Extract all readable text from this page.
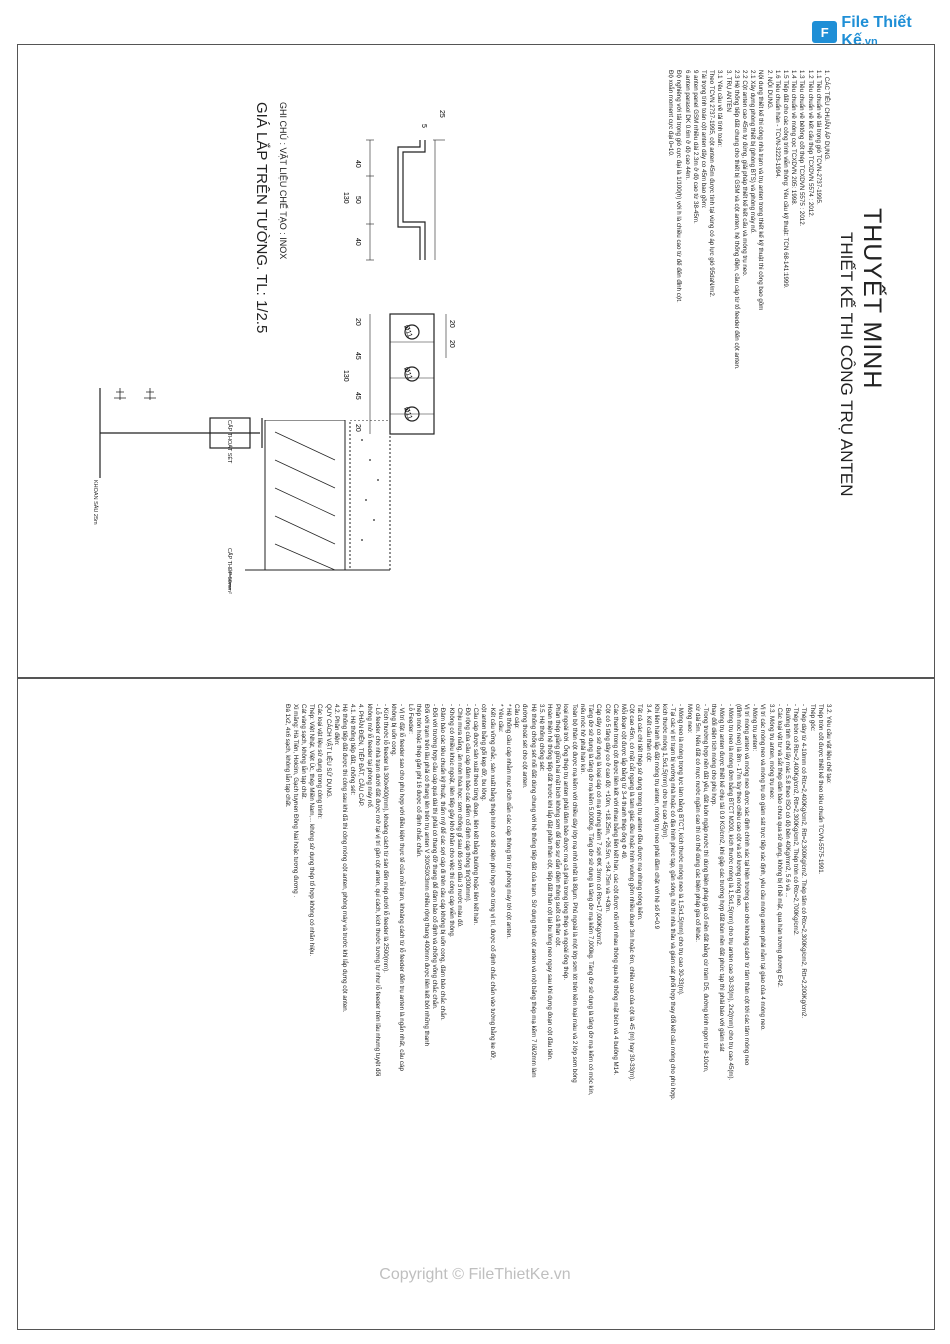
F
File Thiết Kế.vn
THUYẾT MINH
THIẾT KẾ THI CÔNG TRỤ ANTEN
1. CÁC TIÊU CHUẨN ÁP DỤNG.
1.1 Tiêu chuẩn về tải trọng gió TCVN-2737-1995.
1.2 Tiêu chuẩn về kết cấu thép TCXDVN 5574 : 2012.
1.3 Tiêu chuẩn về bêtông cốt thép TCXDVN 5575 : 2012.
1.4 Tiêu chuẩn về móng cọc TCXDVN 205: 1998.
1.5 Tiếp đất cho các công trình viễn thông: Yêu cầu kỹ thuật: TCN 68-141:1999.
1.6 Tiêu chuẩn hàn - TCVN-3223-1994.
2. NỘI DUNG.
Nội dung thiết kế thi công nhà trạm và trụ anten trong thiết kế kỹ thuật thi công bao gồm
2.1 Xây dựng phòng thiết bị (phòng BTS) và phòng máy nổ.
2.2 Cột anten cao 45m tự đứng, giải pháp thiết kế kết cấu và móng trụ neo.
2.3 Hệ thống tiếp đất chung cho thiết bị GSM và cột anten, hệ thống điện, cầu cáp từ tổ feeder đến cột anten.
3. TRỤ ANTEN
3.1 Yêu cầu về tải tính toán:
Theo TCVN 2737-1995, cột anten 45m được tính tại vùng có áp lực gió 95daN/m2.
Tải trọng tính toán cột anten dây co 45m bao gồm:
9 anten panel GSM nhiều dài 2.3m ở độ cao từ 38-45m.
6 anten parasol DK 0.6m ở độ cao 44m.
Độ nghiêng với tải trọng gió cực đại là 1/100(h) với h là chiều cao từ đế đến đỉnh cột.
Độ xoắn moment cực đại 0=10.
40
50
40
130
25
5
Ø11
Ø11
Ø11
20
45
45
20
130
20
20
GHI CHÚ : VẬT LIỆU CHẾ TẠO : INOX
GIÁ LẮP TRÊN TƯỜNG. TL: 1/2.5
CẤP THOÁT SÉT
KHOAN SÂU 25m
CẤP THÉP 50mm²
3.2. Yêu cầu vật liệu chế tạo:
Thép tròn cốt được thiết kế theo tiêu chuẩn TCVN-5575-1991.
Thép góc:
- Thép dày từ 4-10mm có Rtc=2,400Kg/cm2, Rtt=2,300Kg/cm2. Thép tấm có Rtc=2,300Kg/cm2, Rtt=2,200Kg/cm2.
- Thép tròn có Rtc=2,400Kg/cm2, Rtt=2,300Kg/cm2, Thép tròn có Rtc=2,700Kg/cm2.
- Bulông tinh chế lấy mác 5.8 theo ISO có độ bền 40Kg/mm2, 5.6 và ...
- Các loại vật tư và sắt thép dân bảo chưa qua sử dụng, không bị rỉ bề mặt, qua hàn tương đương E42.
3.3. Móng trụ anten, móng trụ neo:
Vị trí các móng neo và móng trụ do giám sát trực tiếp xác định, yêu cầu móng anten phải nằm tại giao của 4 móng neo.
- Móng trụ anten:
Vị trí móng anten và móng neo được xác định chính xác tại hiện trường sao cho khoảng cách từ tâm thân cột tới các tâm móng neo
(đỉnh móc neo) là 8m - 17m tùy theo chiều cao cột và số lượng móng neo.
- Móng trụ neo là móng đơn bằng BTCT M200, kích thước móng là 1,5x1,5(mm) cho trụ anten cao 30-33(m), 2x2(mm) cho trụ cao 45(m).
- Móng trụ anten được thiết kế chịu tải 0.9 KG/cm2, khi gặp các trường hợp đất bùn nền đất phức tạp thì phải báo với giám sát
thay đổi diện tích móng cho phù hợp.
- Trong trường hợp nền đất yếu, đất luôn ngập nước thì dùng biện pháp gia cố nền đất bằng cừ tràm D5, đường kính ngọn từ 8-10cm,
cừ dài 5m. Nếu đất có mực nước ngầm cao thì có thể dùng các biện pháp gia cố khác.
Móng neo:
- Móng neo là móng trọng lực làm bằng BTCT, kích thước móng neo là 1,5x1,5(mm) cho trụ cao 30-33(m).
- Tại các vị trí trạm bị vướng nhà hoặc có địa hình phức tạp, gần sông, hồ thì nhà thầu và giám sát phối hợp thay đổi kết cấu móng cho phù hợp.
kích thước móng 1,5x1,5(mm) cho trụ cao 45(m).
Khi liên hành lắp đặt móng trụ anten, móng trụ neo phải đầm chặt với hệ số K=0.9
3.4. Kết cấu thân cột:
Tất cả các chi tiết thép sử dụng trong trụ anten đều được mạ nhúng nóng kẽm.
Cột cao 45m, có mặt cắt ngang là tam giác đều hoặc hình vuông gồm nhiều đoạn 3m hoặc 6m, chiều cao của cột là 45 (m) hay 30-33(m).
Mỗi đoạn cột được lắp bằng từ 3-4 thanh thép ống Φ 49.
Các thanh trong cột được liên kết với nhau bằng liên kết hàn, các cột được nối với nhau thông qua hệ thống mặt bích và 4 bulông M14.
Cột có 5 tầng dây co ở cao độ: +10m, +18.25m, +26.5m, +34.75m và +43m.
Cáp dây co sử dụng là loại cáp có mạ nhúng kẽm 7 sợi ΦK 3mm có Rtc=17,000Kg/cm2.
Tăng đơ sử dụng là tăng đơ mạ kẽm 5,000Kg. Tăng đơ sử dụng là tăng đơ mạ kẽm 7,000kg. Tăng đơ sử dụng là tăng đơ mạ kẽm có móc kín,
nếu móc hở phải hàn kín.
Toàn bộ thân cột được mạ kẽm với chiều dày lớp mạ nhỏ nhất là 80µm. Phủ ngoài là một lớp sơn lót trên kẽm loại màu và 2 lớp sơn bóng
loại ngoài trời. Ống thép trụ anten phải đảm bảo được mạ cả phía trong lòng thép và ngoài ống thép.
Phần thép giằng giữa hai mặt bích không sơn để tạo sự dẫn điện thông suốt cả thân cột.
Hoàn thiện hệ thống tiếp đất trước khi lắp đặt phần thân cột, tiếp đất thân cột lại bu lông neo ngay sau khi dựng đoạn cột đầu tiên.
3.5. Hệ thống chống sét:
Hệ thống chống sét nối đất dùng chung với hệ thống tiếp đất của trạm. Sử dụng thân cột anten và một băng thép mạ kẽm 7 lõi/2mm làm
đường thoát sét cho cột anten.
Cầu cáp:
* Hệ thống cầu cáp nhằm mục đích dẫn các cáp thông tin từ phòng máy tới cột anten.
* Yêu cầu:
- Kết cấu vững chắc, sản xuất bằng thép hình có tiết diện phù hợp cho từng vị trí, được cố định chắc chắn vào tường bằng ke đỡ,
cột anten bằng gối kẹp đỡ, bu lông.
- Cầu cáp được sản xuất theo từng đoạn, liên kết bằng bulông hoặc liên kết hàn.
- Độ rộng của cầu cáp đảm bảo các điểm cố định cáp thông tin(300mm).
- Chịu mưa nắng, ăn mòn hóa học: sơn chống gỉ sau đó sơn dầu 3 nước màu đỏ.
- Không có nhiều khúc ngoặt, liên tiếp gây khó khăn cho việc thi công cáp viễn thông.
- Đảm bảo các tiêu chuẩn kỹ thuật, thẩm mỹ để các sợi cáp đi trên cầu cáp không bị uốn cong, đảm bảo chắc chắn.
- Đối với trường hợp cầu cáp quá dài thì phải có thang đỡ thang để đảm bảo cố định và chống võng chắc chắn.
Đối với trạm trên lầu phải có thang lên trên trụ anten V 30X50X3mm chiều rộng thang 400mm được liên kết bởi những thanh
thép tròn hoặc thép gân phi 16 được cố định chắc chắn.
Lỗ Feeder:
- Vị trí đặt lỗ feeder sao cho phù hợp với điều kiện thực tế của mỗi trạm, khoảng cách từ lỗ feeder đến trụ anten là ngắn nhất, cầu cáp
không bị uốn cong.
- Kích thước lỗ feeder là 300x400(mm), khoảng cách từ sàn đến mép dưới lỗ feeder là 2500(mm).
- Lỗ feeder cho nhà trạm dưới đất được mở tại vị trí gần cột anten, qui cách, kích thước tương tự như lỗ feeder trên lầu nhưng tuyệt đối
không mở lỗ feeder tại phòng máy nổ.
4. PHẦN ĐIỆN, TIẾP ĐẤT, CẦU CÁP.
4.1. Hệ thống tiếp đất, chống sét:
Hệ thống tiếp đất được thi công sau khi đã thi công móng cột anten, phòng máy và trước khi lắp dựng cột anten.
4.2. Phần điện:
QUY CÁCH VẬT LIỆU SỬ DỤNG.
Các loại vật liệu sử dụng trong công trình:
Thép: Việt Nhật, Việt Úc, thép Miền Nam,... không sử dụng thép tổ hợp không có nhãn hiệu.
Cát vàng sạch, không lẫn tạp chất.
Xi măng: Hà Tiên, Holcim, Gạch tuynen Đồng Nai hoặc tương đương .
Đá 1x2, 4x6 sạch, không lẫn tạp chất.
Copyright © FileThietKe.vn
